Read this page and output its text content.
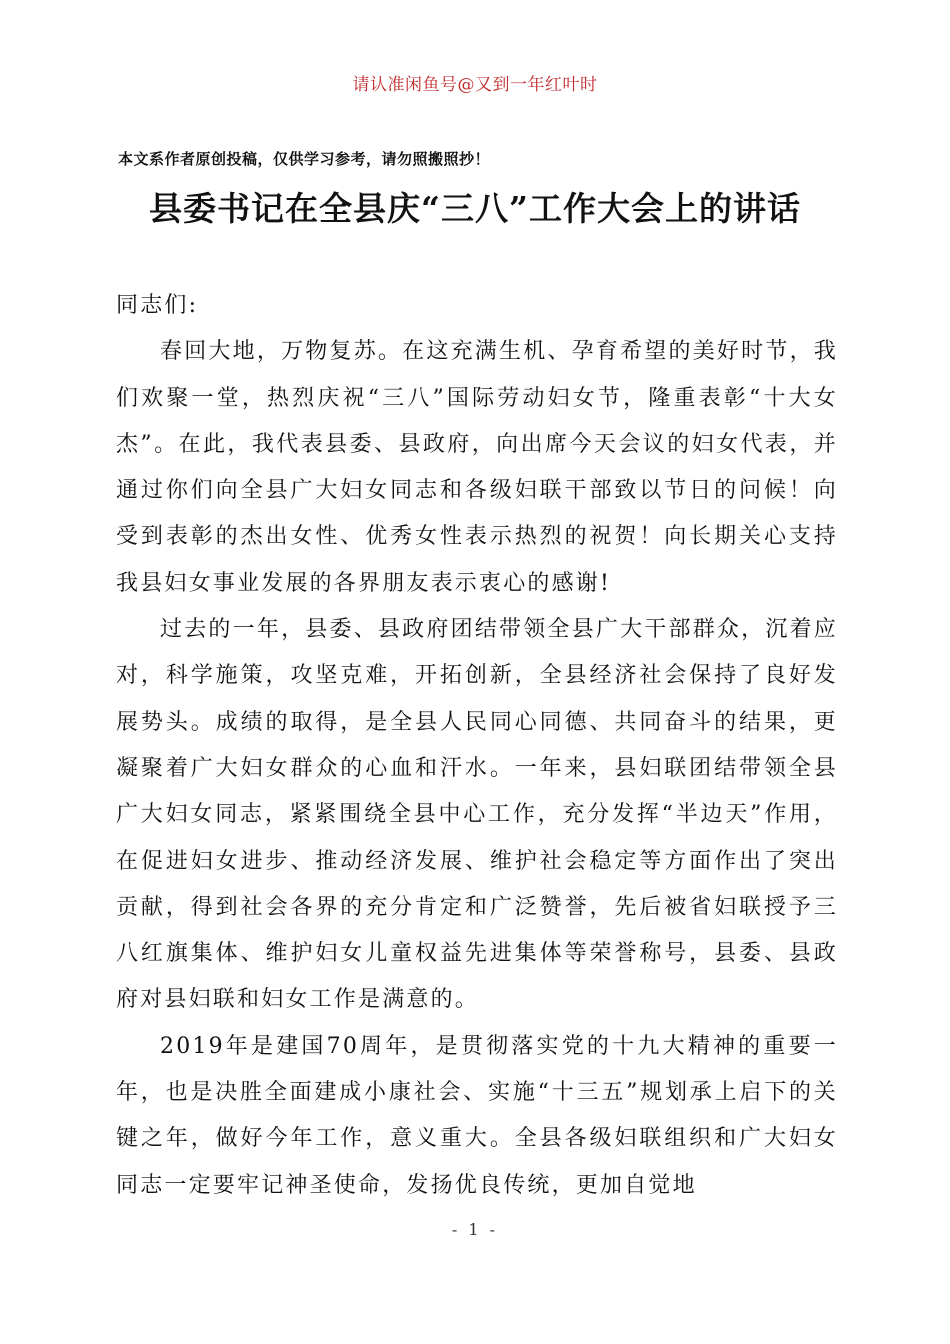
请认准闲鱼号@又到一年红叶时
本文系作者原创投稿，仅供学习参考，请勿照搬照抄！
县委书记在全县庆“三八”工作大会上的讲话

同志们:

春回大地，万物复苏。在这充满生机、孕育希望的美好时节，我们欢聚一堂，热烈庆祝“三八”国际劳动妇女节，隆重表彰“十大女杰”。在此，我代表县委、县政府，向出席今天会议的妇女代表，并通过你们向全县广大妇女同志和各级妇联干部致以节日的问候！向受到表彰的杰出女性、优秀女性表示热烈的祝贺！向长期关心支持我县妇女事业发展的各界朋友表示衷心的感谢!

过去的一年，县委、县政府团结带领全县广大干部群众，沉着应对，科学施策，攻坚克难，开拓创新，全县经济社会保持了良好发展势头。成绩的取得，是全县人民同心同德、共同奋斗的结果，更凝聚着广大妇女群众的心血和汗水。一年来，县妇联团结带领全县广大妇女同志，紧紧围绕全县中心工作，充分发挥“半边天”作用，在促进妇女进步、推动经济发展、维护社会稳定等方面作出了突出贡献，得到社会各界的充分肯定和广泛赞誉，先后被省妇联授予三八红旗集体、维护妇女儿童权益先进集体等荣誉称号，县委、县政府对县妇联和妇女工作是满意的。

2019年是建国70周年，是贯彻落实党的十九大精神的重要一年，也是决胜全面建成小康社会、实施“十三五”规划承上启下的关键之年，做好今年工作，意义重大。全县各级妇联组织和广大妇女同志一定要牢记神圣使命，发扬优良传统，更加自觉地

- 1 -
